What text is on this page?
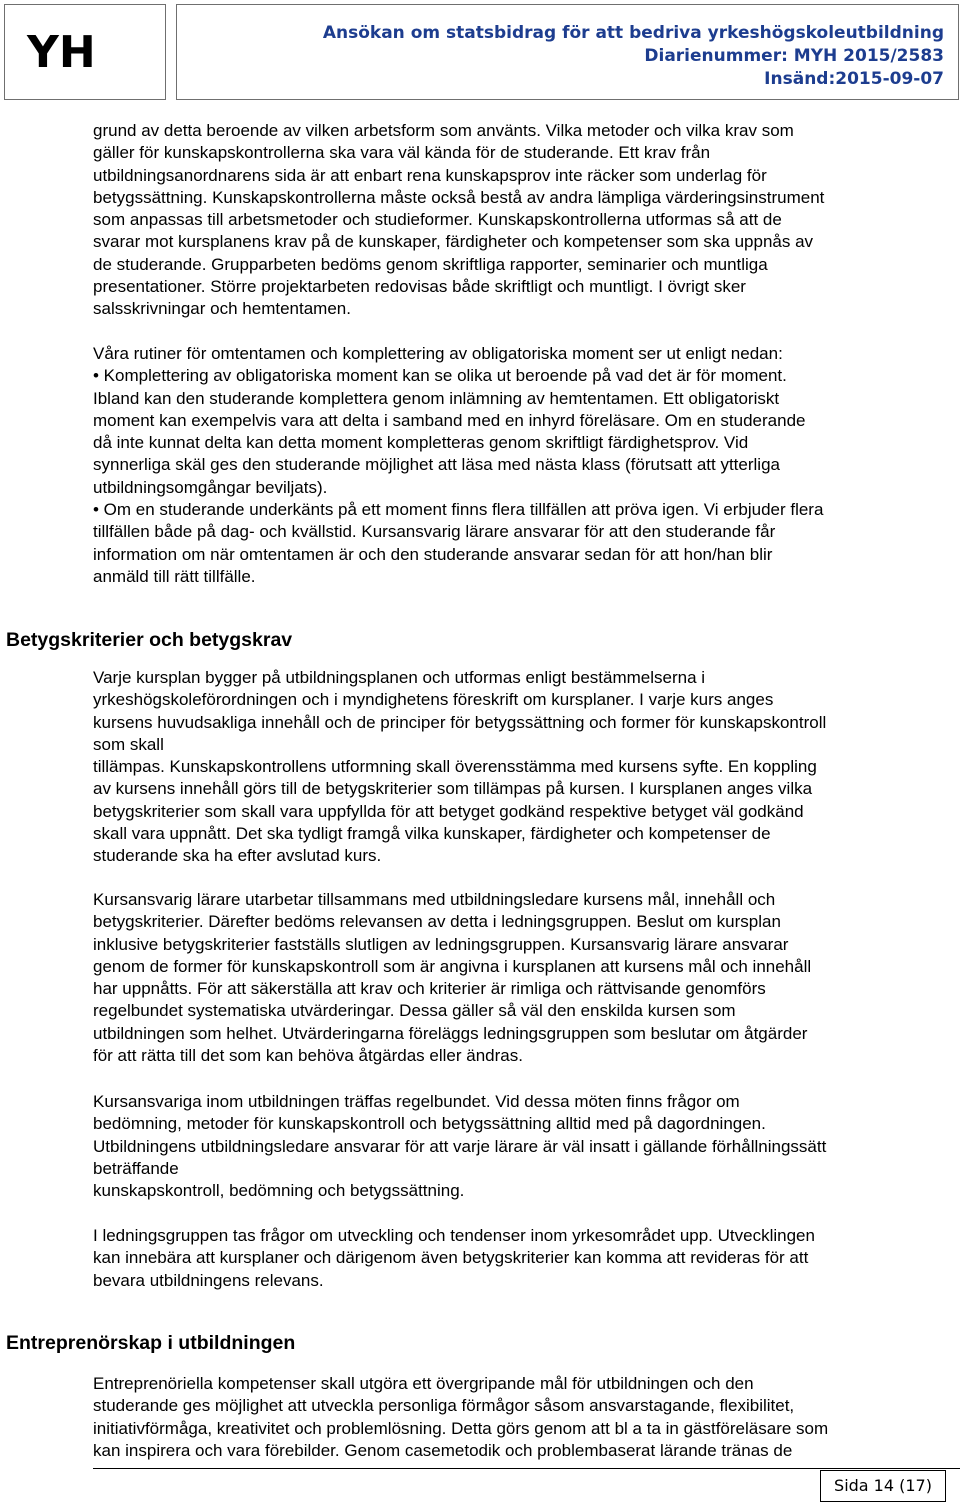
YH	Ansökan om statsbidrag för att bedriva yrkeshögskoleutbildning
Diarienummer: MYH 2015/2583
Insänd:2015-09-07

grund av detta beroende av vilken arbetsform som använts. Vilka metoder och vilka krav som
gäller för kunskapskontrollerna ska vara väl kända för de studerande. Ett krav från
utbildningsanordnarens sida är att enbart rena kunskapsprov inte räcker som underlag för
betygssättning. Kunskapskontrollerna måste också bestå av andra lämpliga värderingsinstrument
som anpassas till arbetsmetoder och studieformer. Kunskapskontrollerna utformas så att de
svarar mot kursplanens krav på de kunskaper, färdigheter och kompetenser som ska uppnås av
de studerande. Grupparbeten bedöms genom skriftliga rapporter, seminarier och muntliga
presentationer. Större projektarbeten redovisas både skriftligt och muntligt. I övrigt sker
salsskrivningar och hemtentamen.

Våra rutiner för omtentamen och komplettering av obligatoriska moment ser ut enligt nedan:
• Komplettering av obligatoriska moment kan se olika ut beroende på vad det är för moment.
Ibland kan den studerande komplettera genom inlämning av hemtentamen. Ett obligatoriskt
moment kan exempelvis vara att delta i samband med en inhyrd föreläsare. Om en studerande
då inte kunnat delta kan detta moment kompletteras genom skriftligt färdighetsprov. Vid
synnerliga skäl ges den studerande möjlighet att läsa med nästa klass (förutsatt att ytterliga
utbildningsomgångar beviljats).
• Om en studerande underkänts på ett moment finns flera tillfällen att pröva igen. Vi erbjuder flera
tillfällen både på dag- och kvällstid. Kursansvarig lärare ansvarar för att den studerande får
information om när omtentamen är och den studerande ansvarar sedan för att hon/han blir
anmäld till rätt tillfälle.

Betygskriterier och betygskrav

Varje kursplan bygger på utbildningsplanen och utformas enligt bestämmelserna i
yrkeshögskoleförordningen och i myndighetens föreskrift om kursplaner. I varje kurs anges
kursens huvudsakliga innehåll och de principer för betygssättning och former för kunskapskontroll
som skall
tillämpas. Kunskapskontrollens utformning skall överensstämma med kursens syfte. En koppling
av kursens innehåll görs till de betygskriterier som tillämpas på kursen. I kursplanen anges vilka
betygskriterier som skall vara uppfyllda för att betyget godkänd respektive betyget väl godkänd
skall vara uppnått. Det ska tydligt framgå vilka kunskaper, färdigheter och kompetenser de
studerande ska ha efter avslutad kurs.

Kursansvarig lärare utarbetar tillsammans med utbildningsledare kursens mål, innehåll och
betygskriterier. Därefter bedöms relevansen av detta i ledningsgruppen. Beslut om kursplan
inklusive betygskriterier fastställs slutligen av ledningsgruppen. Kursansvarig lärare ansvarar
genom de former för kunskapskontroll som är angivna i kursplanen att kursens mål och innehåll
har uppnåtts. För att säkerställa att krav och kriterier är rimliga och rättvisande genomförs
regelbundet systematiska utvärderingar. Dessa gäller så väl den enskilda kursen som
utbildningen som helhet. Utvärderingarna föreläggs ledningsgruppen som beslutar om åtgärder
för att rätta till det som kan behöva åtgärdas eller ändras.

Kursansvariga inom utbildningen träffas regelbundet. Vid dessa möten finns frågor om
bedömning, metoder för kunskapskontroll och betygssättning alltid med på dagordningen.
Utbildningens utbildningsledare ansvarar för att varje lärare är väl insatt i gällande förhållningssätt
beträffande
kunskapskontroll, bedömning och betygssättning.

I ledningsgruppen tas frågor om utveckling och tendenser inom yrkesområdet upp. Utvecklingen
kan innebära att kursplaner och därigenom även betygskriterier kan komma att revideras för att
bevara utbildningens relevans.

Entreprenörskap i utbildningen

Entreprenöriella kompetenser skall utgöra ett övergripande mål för utbildningen och den
studerande ges möjlighet att utveckla personliga förmågor såsom ansvarstagande, flexibilitet,
initiativförmåga, kreativitet och problemlösning. Detta görs genom att bl a ta in gästföreläsare som
kan inspirera och vara förebilder. Genom casemetodik och problembaserat lärande tränas de

Sida 14 (17)
